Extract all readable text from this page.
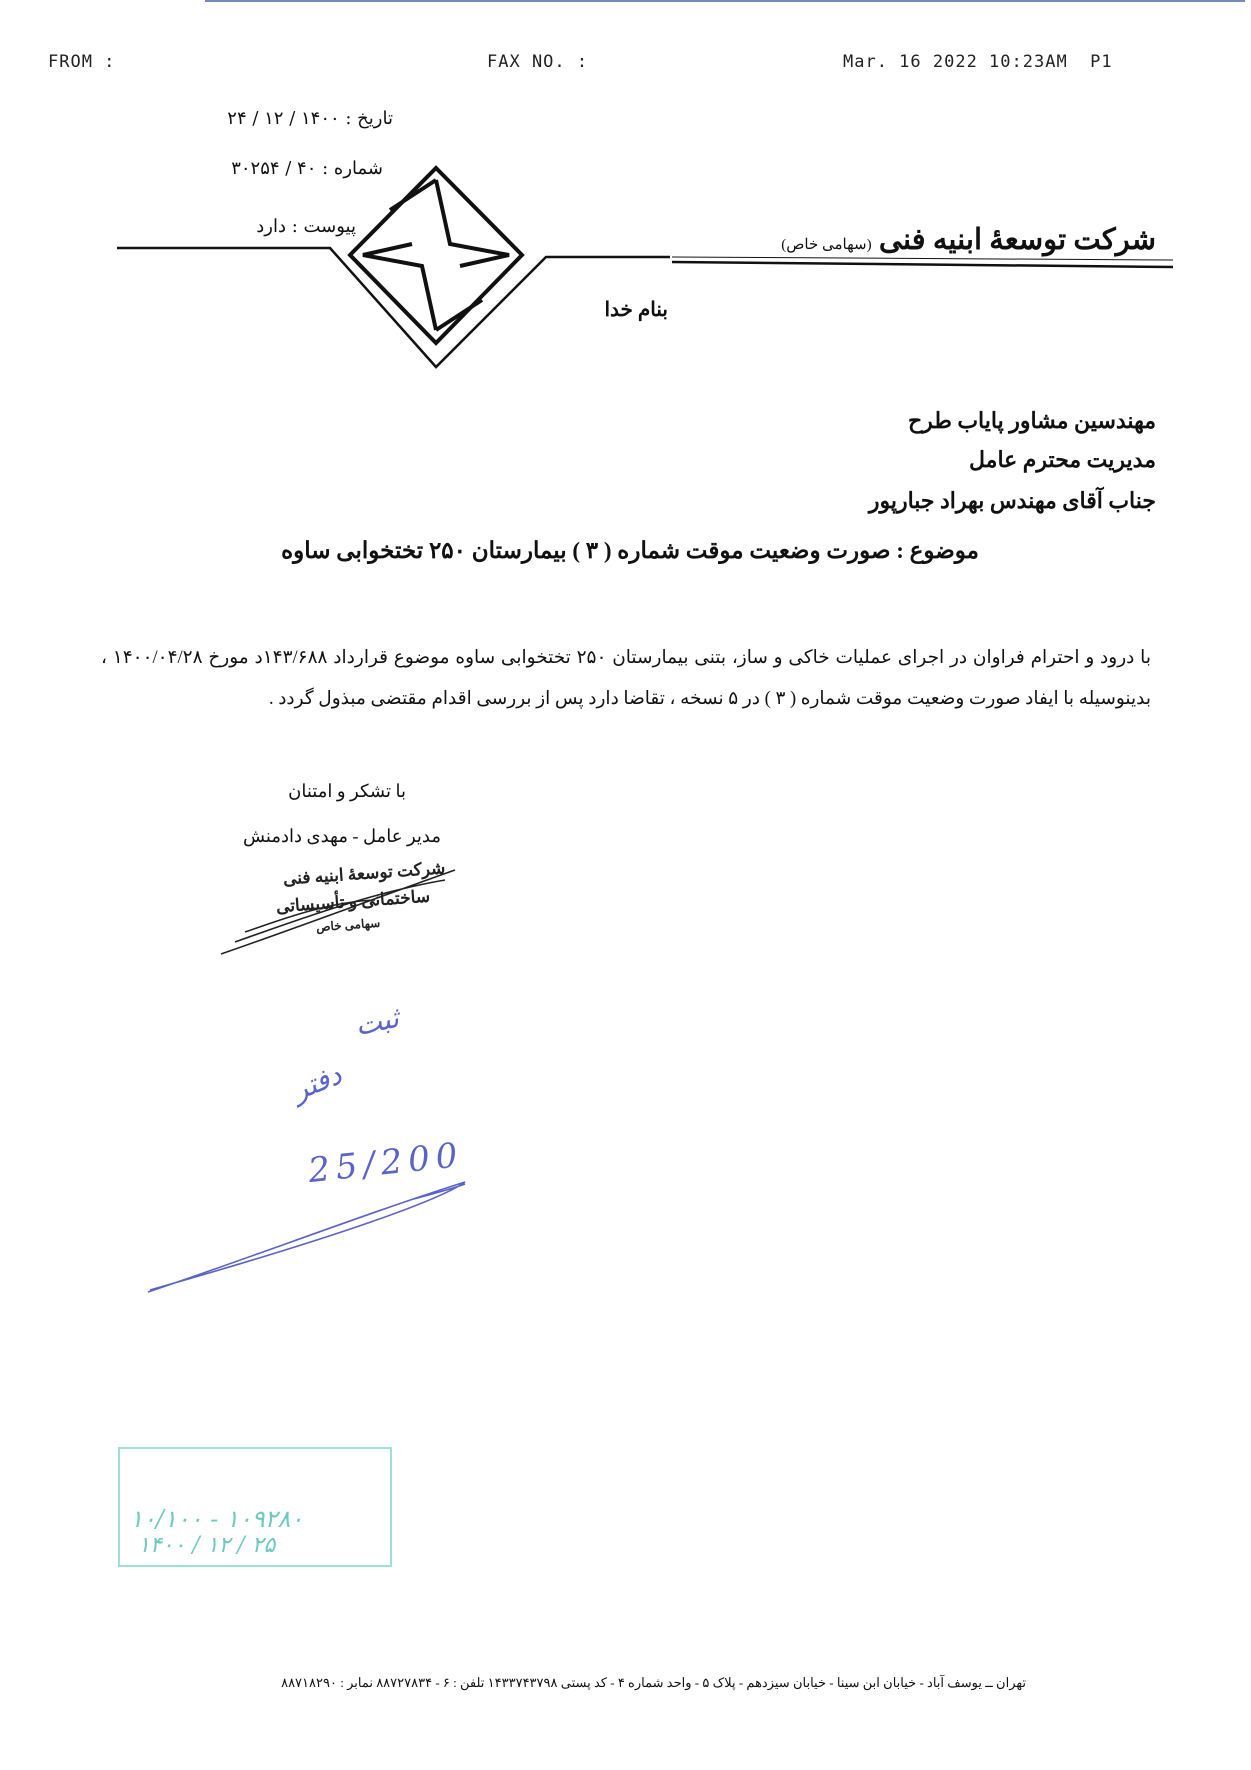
FROM :	FAX NO. :	Mar. 16 2022 10:23AM  P1
تاریخ : ۱۴۰۰ / ۱۲ / ۲۴
شماره : ۴۰ / ۳۰۲۵۴
پیوست : دارد	شرکت توسعهٔ ابنیه فنی (سهامی خاص)
بنام خدا
مهندسین مشاور پایاب طرح
مدیریت محترم عامل
جناب آقای مهندس بهراد جبارپور
موضوع : صورت وضعیت موقت شماره ( ۳ ) بیمارستان ۲۵۰ تختخوابی ساوه
با درود و احترام فراوان در اجرای عملیات خاکی و ساز، بتنی بیمارستان ۲۵۰ تختخوابی ساوه موضوع قرارداد ۱۴۳/۶۸۸د مورخ ۱۴۰۰/۰۴/۲۸ ، بدینوسیله با ایفاد صورت وضعیت موقت شماره ( ۳ ) در ۵ نسخه ، تقاضا دارد پس از بررسی اقدام مقتضی مبذول گردد .
با تشکر و امتنان
مدیر عامل - مهدی دادمنش
شرکت توسعهٔ ابنیه فنی
ساختمانی و تأسیساتی
سهامی خاص
ثبت
دفتر
25/200
۱۰/۱۰۰ - ۱۰۹۲۸۰
۱۴۰۰ / ۱۲ / ۲۵
تهران ــ یوسف آباد - خیابان ابن سینا - خیابان سیزدهم - پلاک ۵ - واحد شماره ۴ - کد پستی ۱۴۳۳۷۴۳۷۹۸ تلفن : ۶ - ۸۸۷۲۷۸۳۴ نمابر : ۸۸۷۱۸۲۹۰
